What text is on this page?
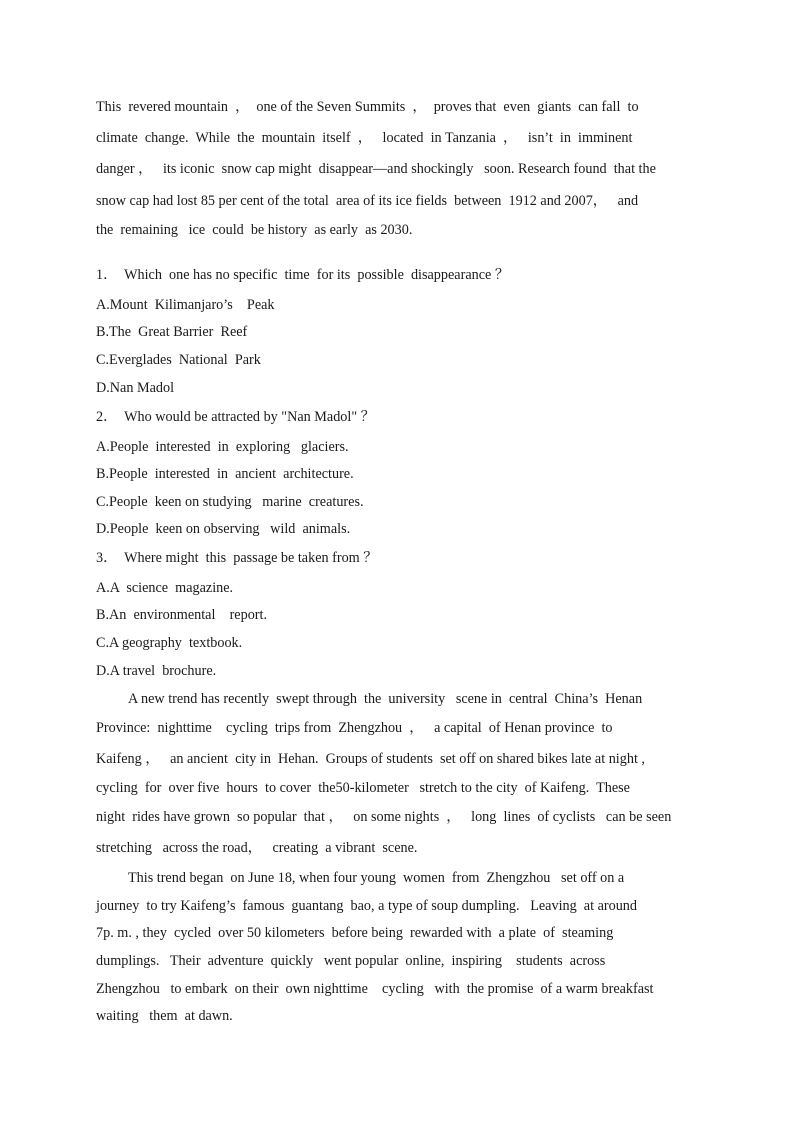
This  revered mountain  ，  one of the Seven Summits  ，  proves that  even  giants  can fall  to
climate  change.  While  the  mountain  itself  ，   located  in Tanzania  ，   isn’t  in  imminent
danger ，   its iconic  snow cap might  disappear—and shockingly   soon. Research found  that the
snow cap had lost 85 per cent of the total  area of its ice fields  between  1912 and 2007，   and
the  remaining   ice  could  be history  as early  as 2030.
1．  Which  one has no specific  time  for its  possible  disappearance ？
A.Mount  Kilimanjaro’s    Peak
B.The  Great Barrier  Reef
C.Everglades  National  Park
D.Nan Madol
2．  Who would be attracted by "Nan Madol" ？
A.People  interested  in  exploring   glaciers.
B.People  interested  in  ancient  architecture.
C.People  keen on studying   marine  creatures.
D.People  keen on observing   wild  animals.
3．  Where might  this  passage be taken from ？
A.A  science  magazine.
B.An  environmental    report.
C.A geography  textbook.
D.A travel  brochure.
A new trend has recently  swept through  the  university   scene in  central  China’s  Henan
Province:  nighttime    cycling  trips from  Zhengzhou  ，   a capital  of Henan province  to
Kaifeng ，   an ancient  city in  Hehan.  Groups of students  set off on shared bikes late at night ,
cycling  for  over five  hours  to cover  the50-kilometer   stretch to the city  of Kaifeng.  These
night  rides have grown  so popular  that ，   on some nights  ，   long  lines  of cyclists   can be seen
stretching   across the road，   creating  a vibrant  scene.
This trend began  on June 18, when four young  women  from  Zhengzhou   set off on a
journey  to try Kaifeng’s  famous  guantang  bao, a type of soup dumpling.   Leaving  at around
7p. m. , they  cycled  over 50 kilometers  before being  rewarded with  a plate  of  steaming
dumplings.   Their  adventure  quickly   went popular  online,  inspiring    students  across
Zhengzhou   to embark  on their  own nighttime    cycling   with  the promise  of a warm breakfast
waiting   them  at dawn.
